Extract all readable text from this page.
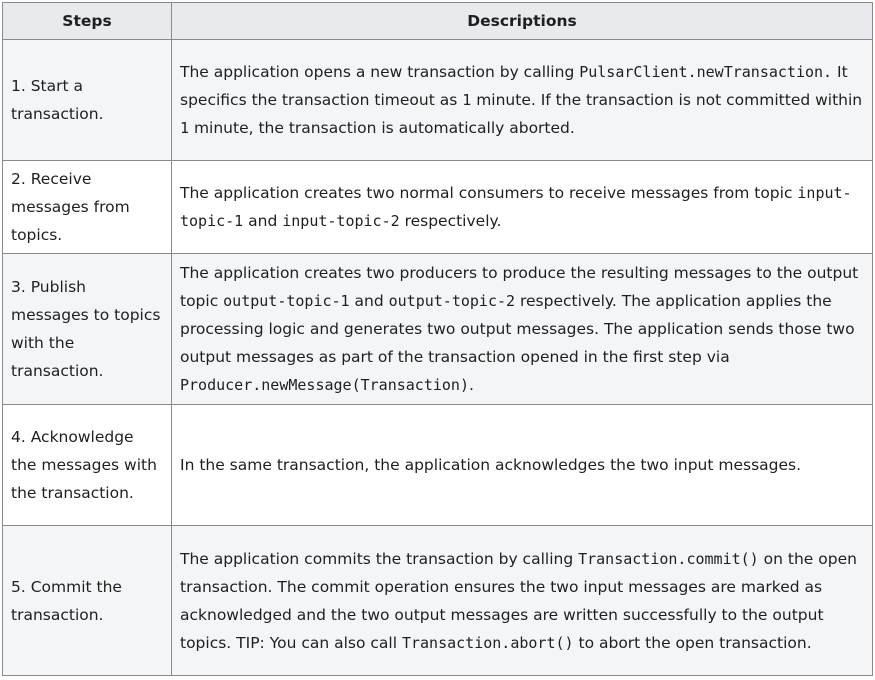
Steps	Descriptions
1. Start a transaction.	The application opens a new transaction by calling PulsarClient.newTransaction. It specifics the transaction timeout as 1 minute. If the transaction is not committed within 1 minute, the transaction is automatically aborted.
2. Receive messages from topics.	The application creates two normal consumers to receive messages from topic input-topic-1 and input-topic-2 respectively.
3. Publish messages to topics with the transaction.	The application creates two producers to produce the resulting messages to the output topic output-topic-1 and output-topic-2 respectively. The application applies the processing logic and generates two output messages. The application sends those two output messages as part of the transaction opened in the first step via Producer.newMessage(Transaction).
4. Acknowledge the messages with the transaction.	In the same transaction, the application acknowledges the two input messages.
5. Commit the transaction.	The application commits the transaction by calling Transaction.commit() on the open transaction. The commit operation ensures the two input messages are marked as acknowledged and the two output messages are written successfully to the output topics. TIP: You can also call Transaction.abort() to abort the open transaction.
